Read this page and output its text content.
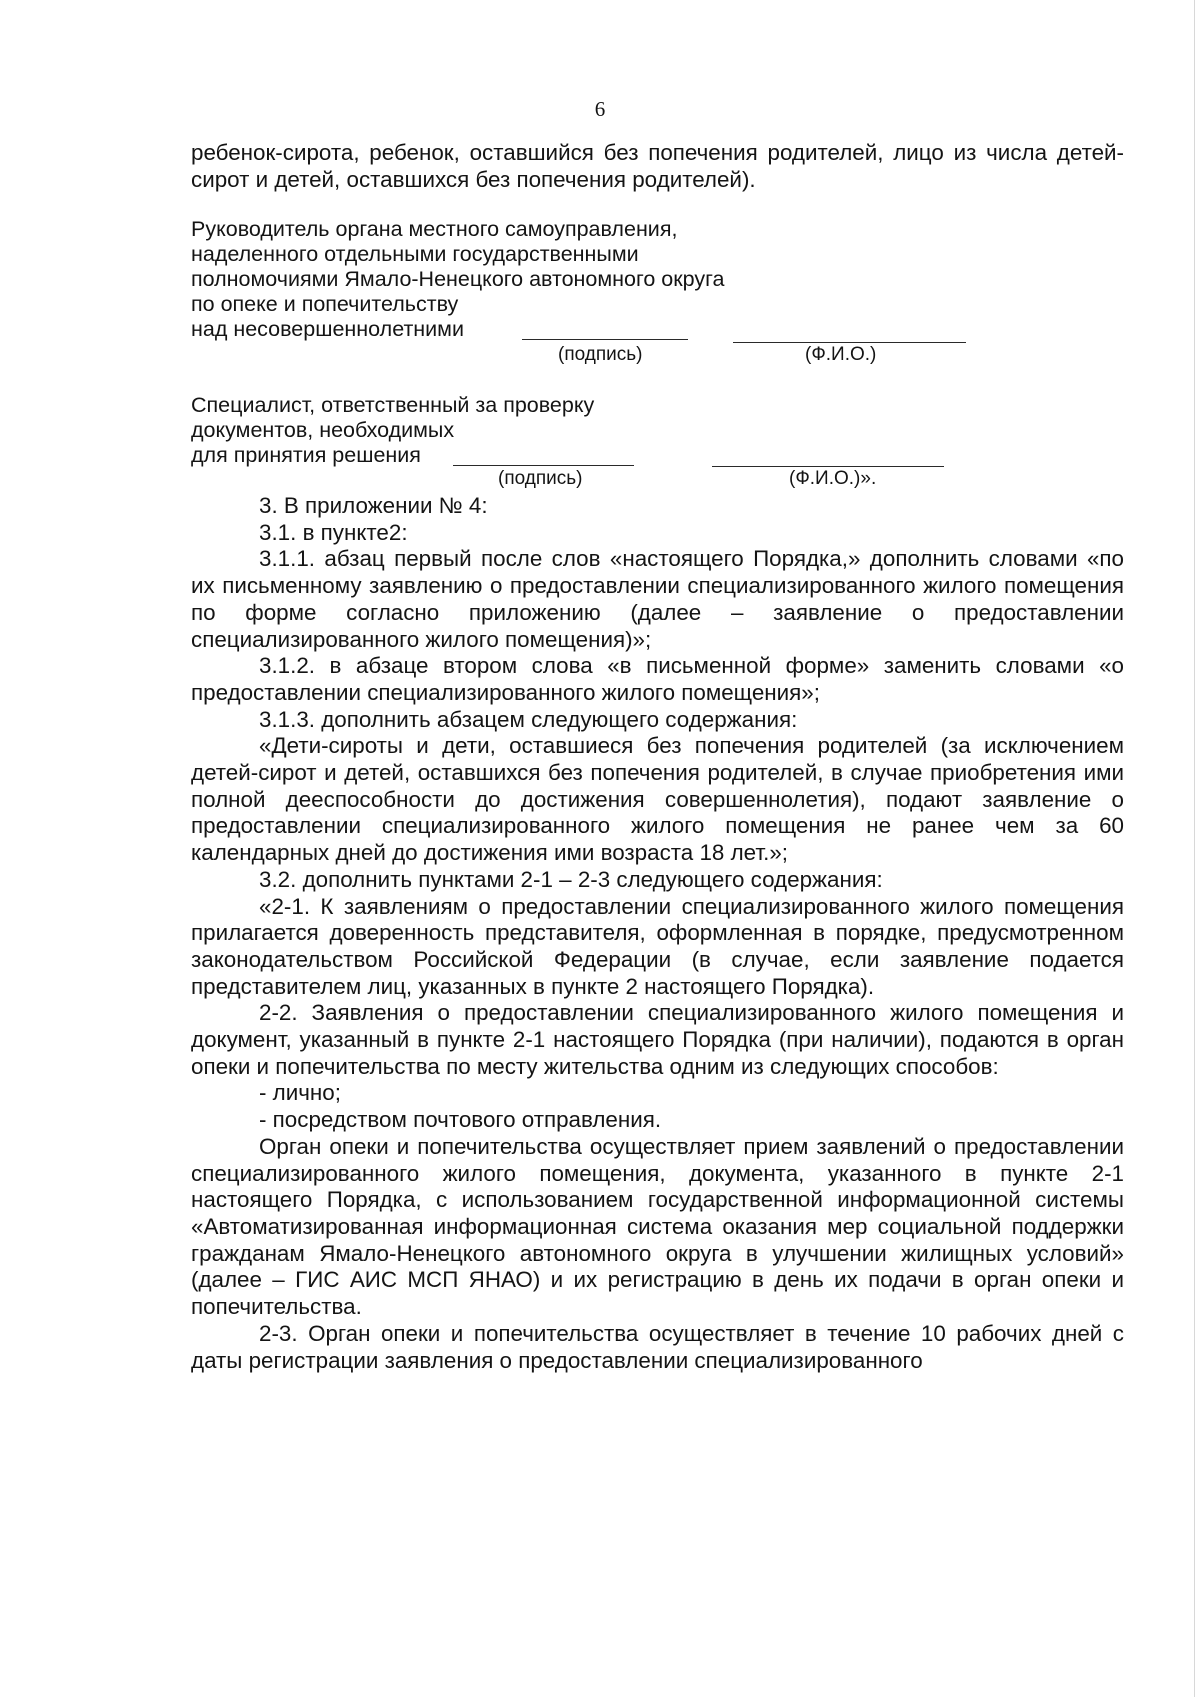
6

ребенок-сирота, ребенок, оставшийся без попечения родителей, лицо из числа детей-сирот и детей, оставшихся без попечения родителей).

Руководитель органа местного самоуправления,
наделенного отдельными государственными
полномочиями Ямало-Ненецкого автономного округа
по опеке и попечительству
над несовершеннолетними
(подпись)	(Ф.И.О.)
Специалист, ответственный за проверку
документов, необходимых
для принятия решения
(подпись)	(Ф.И.О.)».

3. В приложении № 4:

3.1. в пункте2:

3.1.1. абзац первый после слов «настоящего Порядка,» дополнить словами «по их письменному заявлению о предоставлении специализированного жилого помещения по форме согласно приложению (далее – заявление о предоставлении специализированного жилого помещения)»;

3.1.2. в абзаце втором слова «в письменной форме» заменить словами «о предоставлении специализированного жилого помещения»;

3.1.3. дополнить абзацем следующего содержания:

«Дети-сироты и дети, оставшиеся без попечения родителей (за исключением детей-сирот и детей, оставшихся без попечения родителей, в случае приобретения ими полной дееспособности до достижения совершеннолетия), подают заявление о предоставлении специализированного жилого помещения не ранее чем за 60 календарных дней до достижения ими возраста 18 лет.»;

3.2. дополнить пунктами 2-1 – 2-3 следующего содержания:

«2-1. К заявлениям о предоставлении специализированного жилого помещения прилагается доверенность представителя, оформленная в порядке, предусмотренном законодательством Российской Федерации (в случае, если заявление подается представителем лиц, указанных в пункте 2 настоящего Порядка).

2-2. Заявления о предоставлении специализированного жилого помещения и документ, указанный в пункте 2-1 настоящего Порядка (при наличии), подаются в орган опеки и попечительства по месту жительства одним из следующих способов:

- лично;

- посредством почтового отправления.

Орган опеки и попечительства осуществляет прием заявлений о предоставлении специализированного жилого помещения, документа, указанного в пункте 2-1 настоящего Порядка, с использованием государственной информационной системы «Автоматизированная информационная система оказания мер социальной поддержки гражданам Ямало-Ненецкого автономного округа в улучшении жилищных условий» (далее – ГИС АИС МСП ЯНАО) и их регистрацию в день их подачи в орган опеки и попечительства.

2-3. Орган опеки и попечительства осуществляет в течение 10 рабочих дней с даты регистрации заявления о предоставлении специализированного
